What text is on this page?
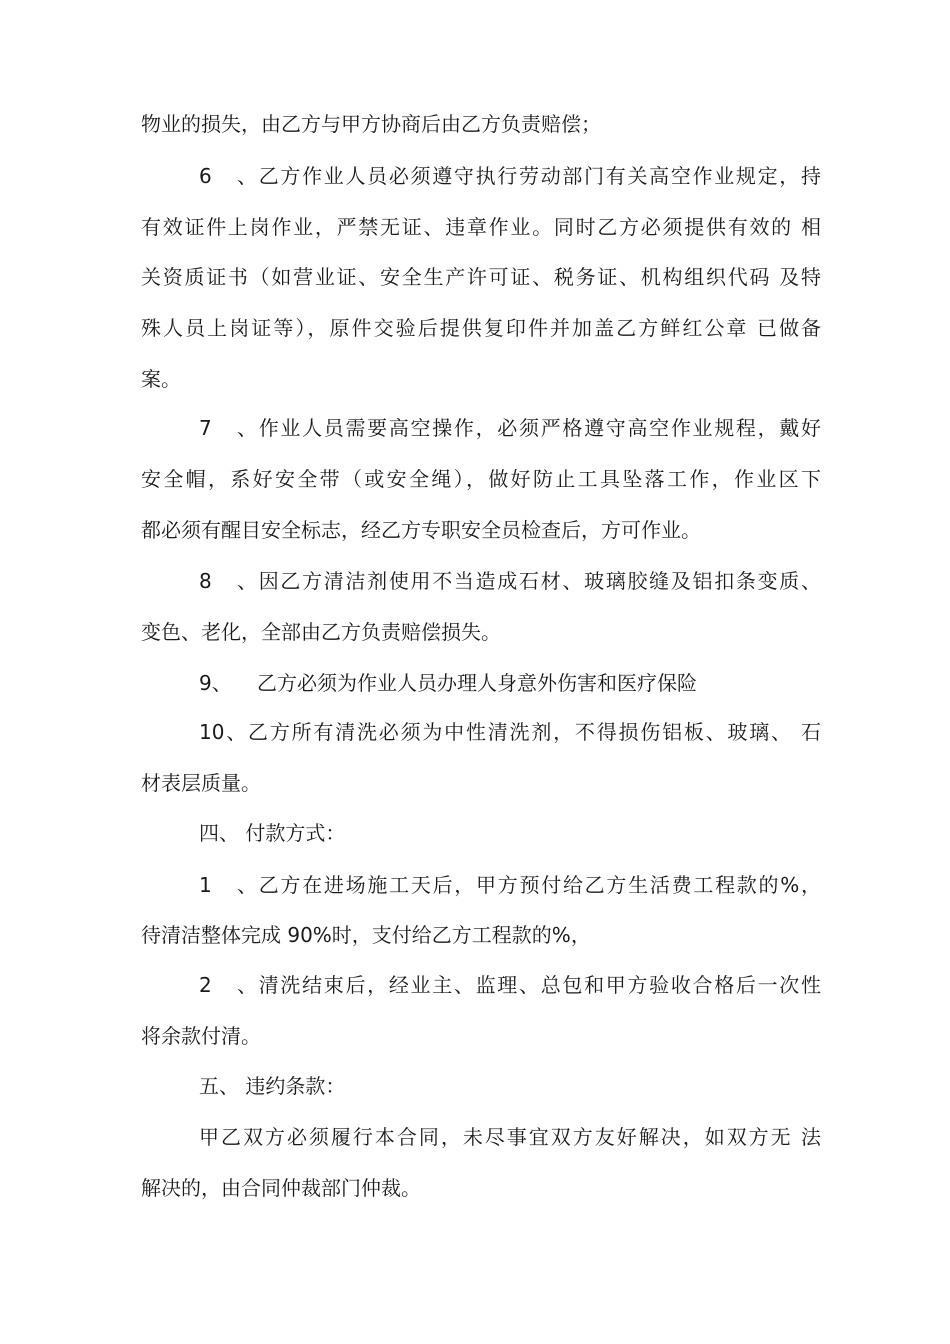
物业的损失，由乙方与甲方协商后由乙方负责赔偿；
6、乙方作业人员必须遵守执行劳动部门有关高空作业规定，持
有效证件上岗作业，严禁无证、违章作业。同时乙方必须提供有效的 相
关资质证书（如营业证、安全生产许可证、税务证、机构组织代码 及特
殊人员上岗证等），原件交验后提供复印件并加盖乙方鲜红公章 已做备
案。
7、作业人员需要高空操作，必须严格遵守高空作业规程，戴好
安全帽，系好安全带（或安全绳），做好防止工具坠落工作，作业区下
都必须有醒目安全标志，经乙方专职安全员检查后，方可作业。
8、因乙方清洁剂使用不当造成石材、玻璃胶缝及铝扣条变质、
变色、老化，全部由乙方负责赔偿损失。
9、 乙方必须为作业人员办理人身意外伤害和医疗保险
10、乙方所有清洗必须为中性清洗剂，不得损伤铝板、玻璃、 石
材表层质量。
四、 付款方式：
1、乙方在进场施工天后，甲方预付给乙方生活费工程款的%，
待清洁整体完成 90%时，支付给乙方工程款的%，
2、清洗结束后，经业主、监理、总包和甲方验收合格后一次性
将余款付清。
五、 违约条款：
甲乙双方必须履行本合同，未尽事宜双方友好解决，如双方无 法
解决的，由合同仲裁部门仲裁。
